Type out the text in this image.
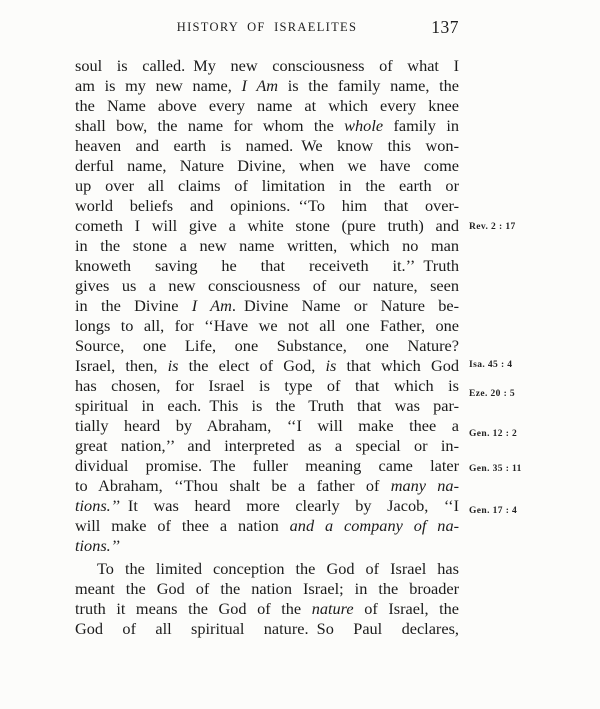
HISTORY OF ISRAELITES	137
soul is called. My new consciousness of what I
am is my new name, I Am is the family name, the
the Name above every name at which every knee
shall bow, the name for whom the whole family in
heaven and earth is named. We know this won-
derful name, Nature Divine, when we have come
up over all claims of limitation in the earth or
world beliefs and opinions. ‘‘To him that over-
cometh I will give a white stone (pure truth) and Rev. 2 : 17
in the stone a new name written, which no man
knoweth saving he that receiveth it.’’ Truth
gives us a new consciousness of our nature, seen
in the Divine I Am. Divine Name or Nature be-
longs to all, for ‘‘Have we not all one Father, one
Source, one Life, one Substance, one Nature?
Israel, then, is the elect of God, is that which God Isa. 45 : 4
has chosen, for Israel is type of that which is Eze. 20 : 5
spiritual in each. This is the Truth that was par-
tially heard by Abraham, ‘‘I will make thee a Gen. 12 : 2
great nation,’’ and interpreted as a special or in-
dividual promise. The fuller meaning came later Gen. 35 : 11
to Abraham, ‘‘Thou shalt be a father of many na-
tions.’’ It was heard more clearly by Jacob, ‘‘I Gen. 17 : 4
will make of thee a nation and a company of na-
tions.’’
To the limited conception the God of Israel has
meant the God of the nation Israel; in the broader
truth it means the God of the nature of Israel, the
God of all spiritual nature. So Paul declares,
